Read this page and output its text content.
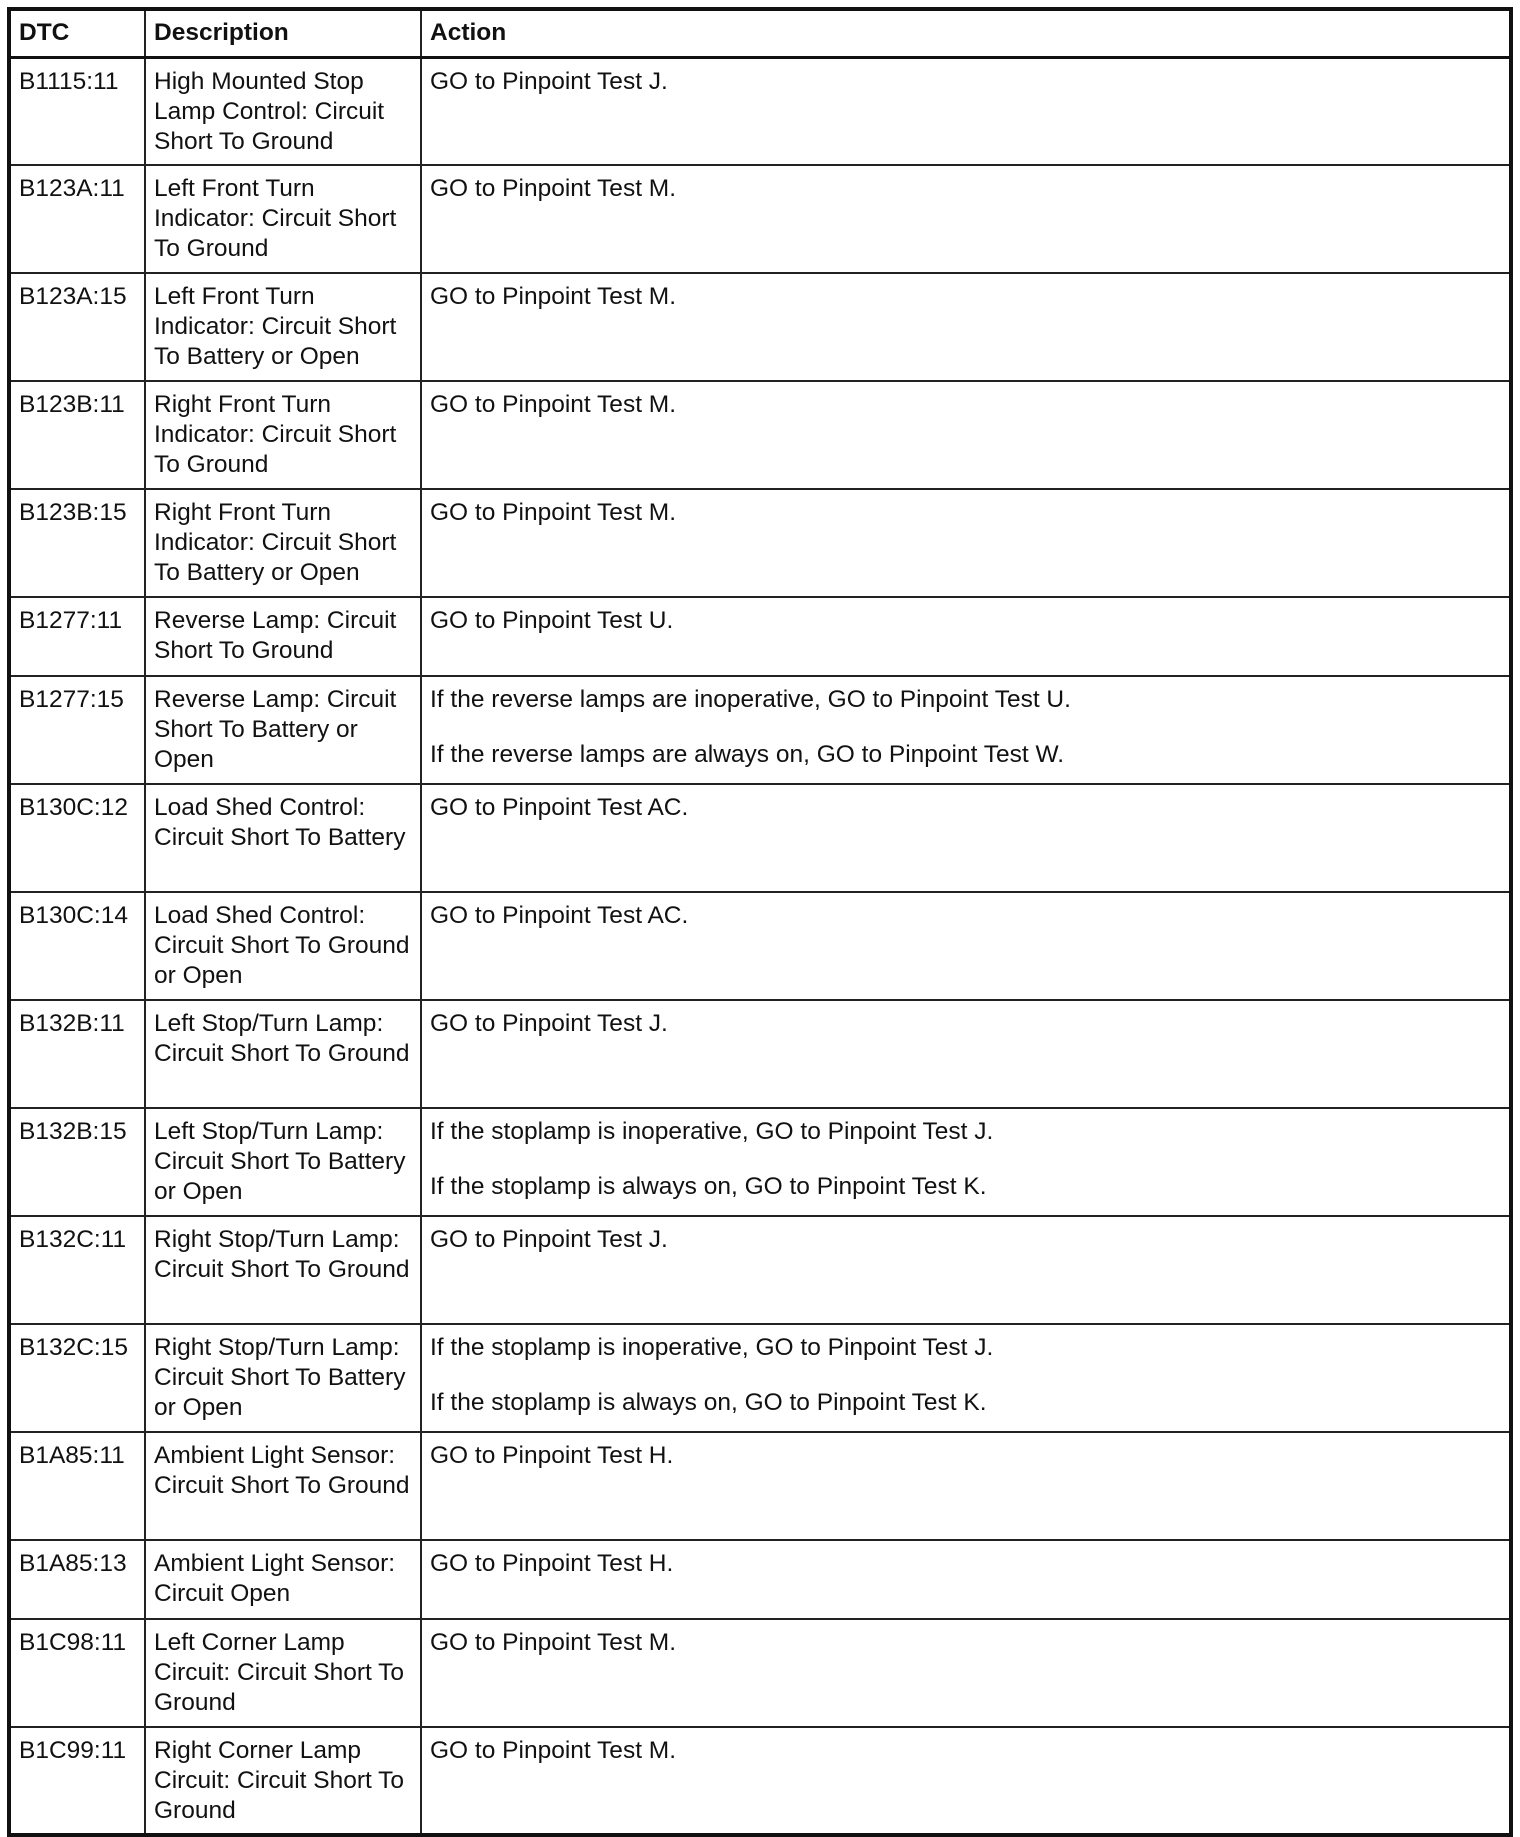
DTC	Description	Action
B1115:11	High Mounted Stop Lamp Control: Circuit Short To Ground	GO to Pinpoint Test J.

B123A:11	Left Front Turn Indicator: Circuit Short To Ground	GO to Pinpoint Test M.

B123A:15	Left Front Turn Indicator: Circuit Short To Battery or Open	GO to Pinpoint Test M.

B123B:11	Right Front Turn Indicator: Circuit Short To Ground	GO to Pinpoint Test M.

B123B:15	Right Front Turn Indicator: Circuit Short To Battery or Open	GO to Pinpoint Test M.

B1277:11	Reverse Lamp: Circuit Short To Ground	GO to Pinpoint Test U.

B1277:15	Reverse Lamp: Circuit Short To Battery or Open	If the reverse lamps are inoperative, GO to Pinpoint Test U.
If the reverse lamps are always on, GO to Pinpoint Test W.

B130C:12	Load Shed Control: Circuit Short To Battery	GO to Pinpoint Test AC.

B130C:14	Load Shed Control: Circuit Short To Ground or Open	GO to Pinpoint Test AC.

B132B:11	Left Stop/Turn Lamp: Circuit Short To Ground	GO to Pinpoint Test J.

B132B:15	Left Stop/Turn Lamp: Circuit Short To Battery or Open	If the stoplamp is inoperative, GO to Pinpoint Test J.
If the stoplamp is always on, GO to Pinpoint Test K.

B132C:11	Right Stop/Turn Lamp: Circuit Short To Ground	GO to Pinpoint Test J.

B132C:15	Right Stop/Turn Lamp: Circuit Short To Battery or Open	If the stoplamp is inoperative, GO to Pinpoint Test J.
If the stoplamp is always on, GO to Pinpoint Test K.

B1A85:11	Ambient Light Sensor: Circuit Short To Ground	GO to Pinpoint Test H.

B1A85:13	Ambient Light Sensor: Circuit Open	GO to Pinpoint Test H.

B1C98:11	Left Corner Lamp Circuit: Circuit Short To Ground	GO to Pinpoint Test M.

B1C99:11	Right Corner Lamp Circuit: Circuit Short To Ground	GO to Pinpoint Test M.
